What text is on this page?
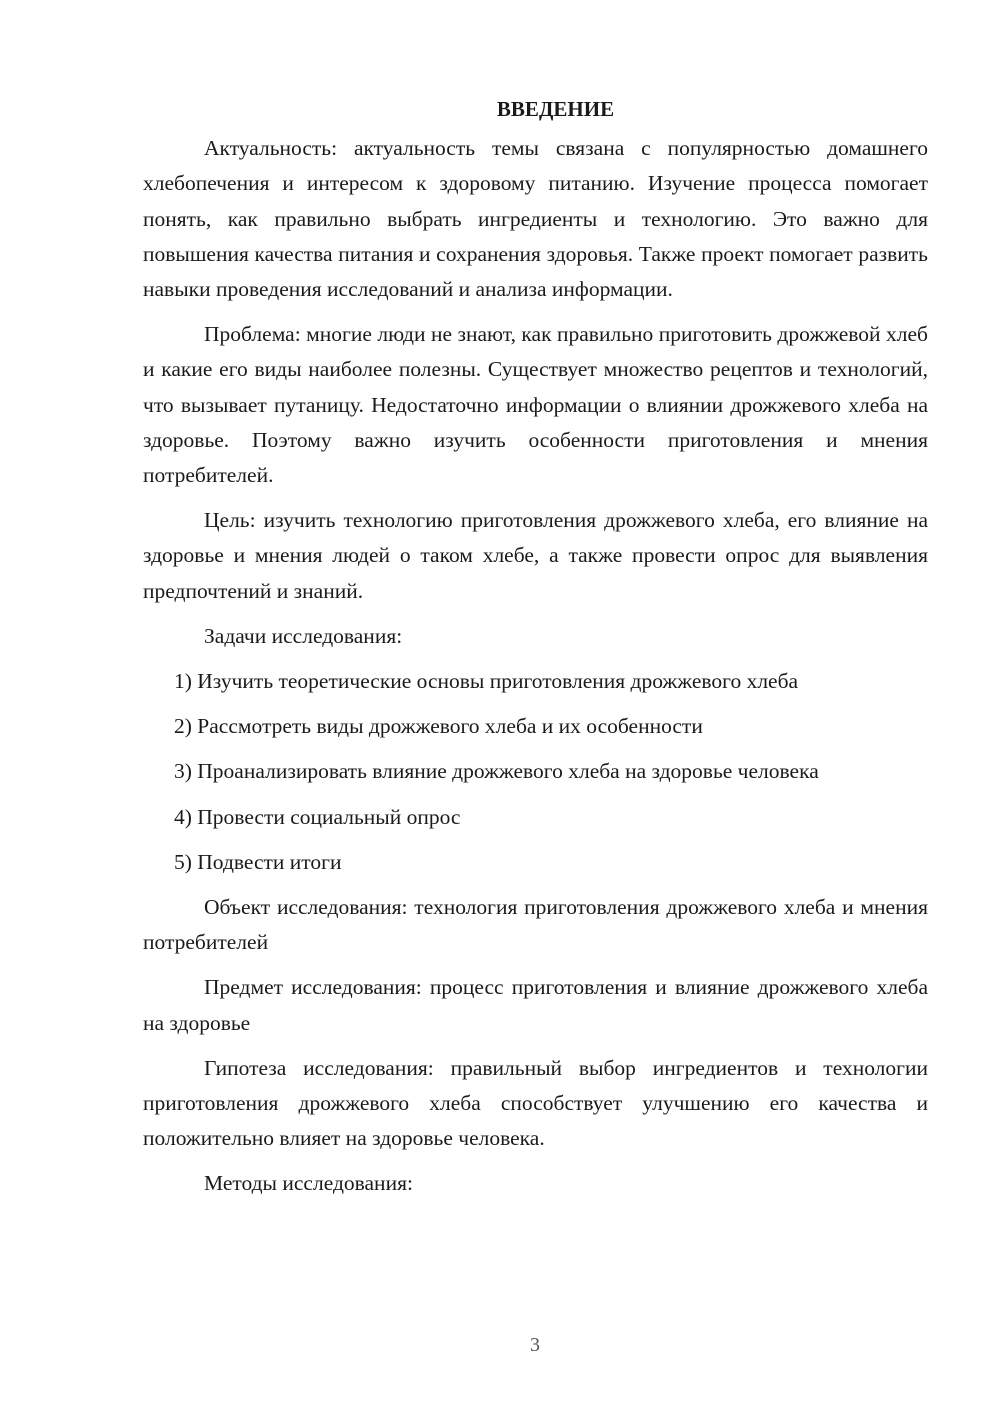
ВВЕДЕНИЕ

Актуальность: актуальность темы связана с популярностью домашнего хлебопечения и интересом к здоровому питанию. Изучение процесса помогает понять, как правильно выбрать ингредиенты и технологию. Это важно для повышения качества питания и сохранения здоровья. Также проект помогает развить навыки проведения исследований и анализа информации.

Проблема: многие люди не знают, как правильно приготовить дрожжевой хлеб и какие его виды наиболее полезны. Существует множество рецептов и технологий, что вызывает путаницу. Недостаточно информации о влиянии дрожжевого хлеба на здоровье. Поэтому важно изучить особенности приготовления и мнения потребителей.

Цель: изучить технологию приготовления дрожжевого хлеба, его влияние на здоровье и мнения людей о таком хлебе, а также провести опрос для выявления предпочтений и знаний.

Задачи исследования:

1) Изучить теоретические основы приготовления дрожжевого хлеба
2) Рассмотреть виды дрожжевого хлеба и их особенности
3) Проанализировать влияние дрожжевого хлеба на здоровье человека
4) Провести социальный опрос
5) Подвести итоги

Объект исследования: технология приготовления дрожжевого хлеба и мнения потребителей

Предмет исследования: процесс приготовления и влияние дрожжевого хлеба на здоровье

Гипотеза исследования: правильный выбор ингредиентов и технологии приготовления дрожжевого хлеба способствует улучшению его качества и положительно влияет на здоровье человека.

Методы исследования:

3
